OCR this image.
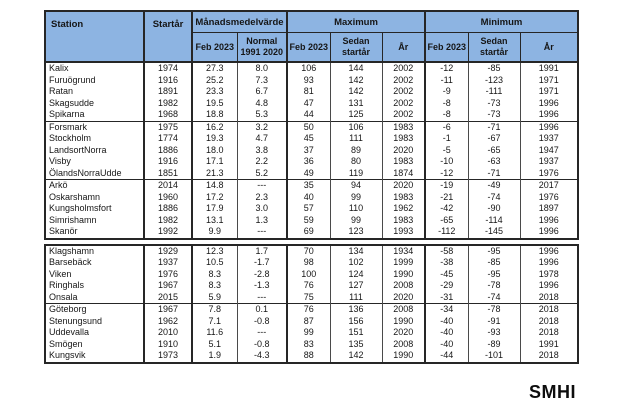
Station	Startår	Månadsmedelvärde		Maximum			Minimum		
		Feb 2023	Normal 1991 2020	Feb 2023	Sedan startår	År	Feb 2023	Sedan startår	År
Kalix	1974	27.3	8.0	106	144	2002	-12	-85	1991
Furuögrund	1916	25.2	7.3	93	142	2002	-11	-123	1971
Ratan	1891	23.3	6.7	81	142	2002	-9	-111	1971
Skagsudde	1982	19.5	4.8	47	131	2002	-8	-73	1996
Spikarna	1968	18.8	5.3	44	125	2002	-8	-73	1996
Forsmark	1975	16.2	3.2	50	106	1983	-6	-71	1996
Stockholm	1774	19.3	4.7	45	111	1983	-1	-67	1937
LandsortNorra	1886	18.0	3.8	37	89	2020	-5	-65	1947
Visby	1916	17.1	2.2	36	80	1983	-10	-63	1937
ÖlandsNorraUdde	1851	21.3	5.2	49	119	1874	-12	-71	1976
Arkö	2014	14.8	---	35	94	2020	-19	-49	2017
Oskarshamn	1960	17.2	2.3	40	99	1983	-21	-74	1976
Kungsholmsfort	1886	17.9	3.0	57	110	1962	-42	-90	1897
Simrishamn	1982	13.1	1.3	59	99	1983	-65	-114	1996
Skanör	1992	9.9	---	69	123	1993	-112	-145	1996
Klagshamn	1929	12.3	1.7	70	134	1934	-58	-95	1996
Barsebäck	1937	10.5	-1.7	98	102	1999	-38	-85	1996
Viken	1976	8.3	-2.8	100	124	1990	-45	-95	1978
Ringhals	1967	8.3	-1.3	76	127	2008	-29	-78	1996
Onsala	2015	5.9	---	75	111	2020	-31	-74	2018
Göteborg	1967	7.8	0.1	76	136	2008	-34	-78	2018
Stenungsund	1962	7.1	-0.8	87	156	1990	-40	-91	2018
Uddevalla	2010	11.6	---	99	151	2020	-40	-93	2018
Smögen	1910	5.1	-0.8	83	135	2008	-40	-89	1991
Kungsvik	1973	1.9	-4.3	88	142	1990	-44	-101	2018
SMHI
